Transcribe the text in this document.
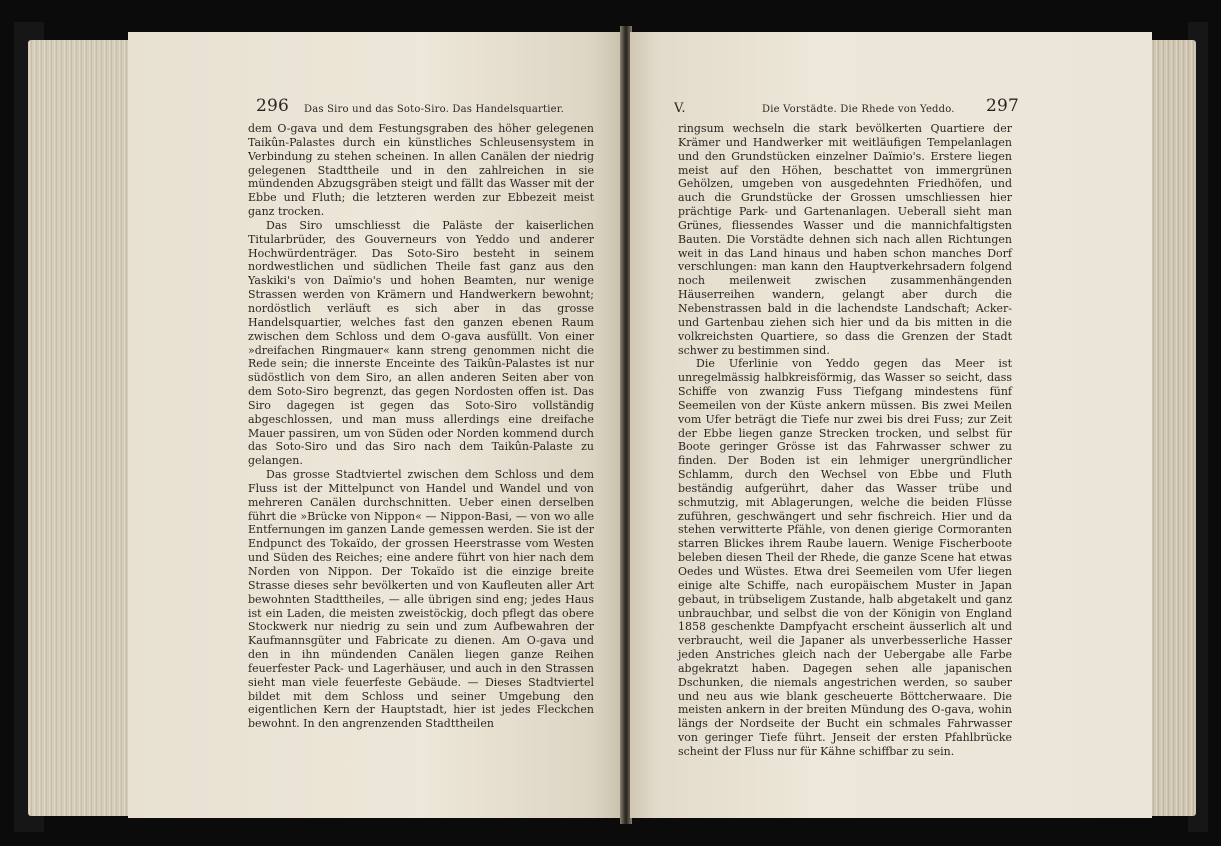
296 Das Siro und das Soto-Siro. Das Handelsquartier.

dem O-gava und dem Festungsgraben des höher gelegenen Taikûn-Palastes durch ein künstliches Schleusensystem in Verbindung zu stehen scheinen. In allen Canälen der niedrig gelegenen Stadttheile und in den zahlreichen in sie mündenden Abzugsgräben steigt und fällt das Wasser mit der Ebbe und Fluth; die letzteren werden zur Ebbezeit meist ganz trocken.

Das Siro umschliesst die Paläste der kaiserlichen Titularbrüder, des Gouverneurs von Yeddo und anderer Hochwürdenträger. Das Soto-Siro besteht in seinem nordwestlichen und südlichen Theile fast ganz aus den Yaskiki's von Daïmio's und hohen Beamten, nur wenige Strassen werden von Krämern und Handwerkern bewohnt; nordöstlich verläuft es sich aber in das grosse Handelsquartier, welches fast den ganzen ebenen Raum zwischen dem Schloss und dem O-gava ausfüllt. Von einer »dreifachen Ringmauer« kann streng genommen nicht die Rede sein; die innerste Enceinte des Taikûn-Palastes ist nur südöstlich von dem Siro, an allen anderen Seiten aber von dem Soto-Siro begrenzt, das gegen Nordosten offen ist. Das Siro dagegen ist gegen das Soto-Siro vollständig abgeschlossen, und man muss allerdings eine dreifache Mauer passiren, um von Süden oder Norden kommend durch das Soto-Siro und das Siro nach dem Taikûn-Palaste zu gelangen.

Das grosse Stadtviertel zwischen dem Schloss und dem Fluss ist der Mittelpunct von Handel und Wandel und von mehreren Canälen durchschnitten. Ueber einen derselben führt die »Brücke von Nippon« — Nippon-Basi, — von wo alle Entfernungen im ganzen Lande gemessen werden. Sie ist der Endpunct des Tokaïdo, der grossen Heerstrasse vom Westen und Süden des Reiches; eine andere führt von hier nach dem Norden von Nippon. Der Tokaïdo ist die einzige breite Strasse dieses sehr bevölkerten und von Kaufleuten aller Art bewohnten Stadttheiles, — alle übrigen sind eng; jedes Haus ist ein Laden, die meisten zweistöckig, doch pflegt das obere Stockwerk nur niedrig zu sein und zum Aufbewahren der Kaufmannsgüter und Fabricate zu dienen. Am O-gava und den in ihn mündenden Canälen liegen ganze Reihen feuerfester Pack- und Lagerhäuser, und auch in den Strassen sieht man viele feuerfeste Gebäude. — Dieses Stadtviertel bildet mit dem Schloss und seiner Umgebung den eigentlichen Kern der Hauptstadt, hier ist jedes Fleckchen bewohnt. In den angrenzenden Stadttheilen

V.	Die Vorstädte. Die Rhede von Yeddo. 297

ringsum wechseln die stark bevölkerten Quartiere der Krämer und Handwerker mit weitläufigen Tempelanlagen und den Grundstücken einzelner Daïmio's. Erstere liegen meist auf den Höhen, beschattet von immergrünen Gehölzen, umgeben von ausgedehnten Friedhöfen, und auch die Grundstücke der Grossen umschliessen hier prächtige Park- und Gartenanlagen. Ueberall sieht man Grünes, fliessendes Wasser und die mannichfaltigsten Bauten. Die Vorstädte dehnen sich nach allen Richtungen weit in das Land hinaus und haben schon manches Dorf verschlungen: man kann den Hauptverkehrsadern folgend noch meilenweit zwischen zusammenhängenden Häuserreihen wandern, gelangt aber durch die Nebenstrassen bald in die lachendste Landschaft; Acker- und Gartenbau ziehen sich hier und da bis mitten in die volkreichsten Quartiere, so dass die Grenzen der Stadt schwer zu bestimmen sind.

Die Uferlinie von Yeddo gegen das Meer ist unregelmässig halbkreisförmig, das Wasser so seicht, dass Schiffe von zwanzig Fuss Tiefgang mindestens fünf Seemeilen von der Küste ankern müssen. Bis zwei Meilen vom Ufer beträgt die Tiefe nur zwei bis drei Fuss; zur Zeit der Ebbe liegen ganze Strecken trocken, und selbst für Boote geringer Grösse ist das Fahrwasser schwer zu finden. Der Boden ist ein lehmiger unergründlicher Schlamm, durch den Wechsel von Ebbe und Fluth beständig aufgerührt, daher das Wasser trübe und schmutzig, mit Ablagerungen, welche die beiden Flüsse zuführen, geschwängert und sehr fischreich. Hier und da stehen verwitterte Pfähle, von denen gierige Cormoranten starren Blickes ihrem Raube lauern. Wenige Fischerboote beleben diesen Theil der Rhede, die ganze Scene hat etwas Oedes und Wüstes. Etwa drei Seemeilen vom Ufer liegen einige alte Schiffe, nach europäischem Muster in Japan gebaut, in trübseligem Zustande, halb abgetakelt und ganz unbrauchbar, und selbst die von der Königin von England 1858 geschenkte Dampfyacht erscheint äusserlich alt und verbraucht, weil die Japaner als unverbesserliche Hasser jeden Anstriches gleich nach der Uebergabe alle Farbe abgekratzt haben. Dagegen sehen alle japanischen Dschunken, die niemals angestrichen werden, so sauber und neu aus wie blank gescheuerte Böttcherwaare. Die meisten ankern in der breiten Mündung des O-gava, wohin längs der Nordseite der Bucht ein schmales Fahrwasser von geringer Tiefe führt. Jenseit der ersten Pfahlbrücke scheint der Fluss nur für Kähne schiffbar zu sein.
